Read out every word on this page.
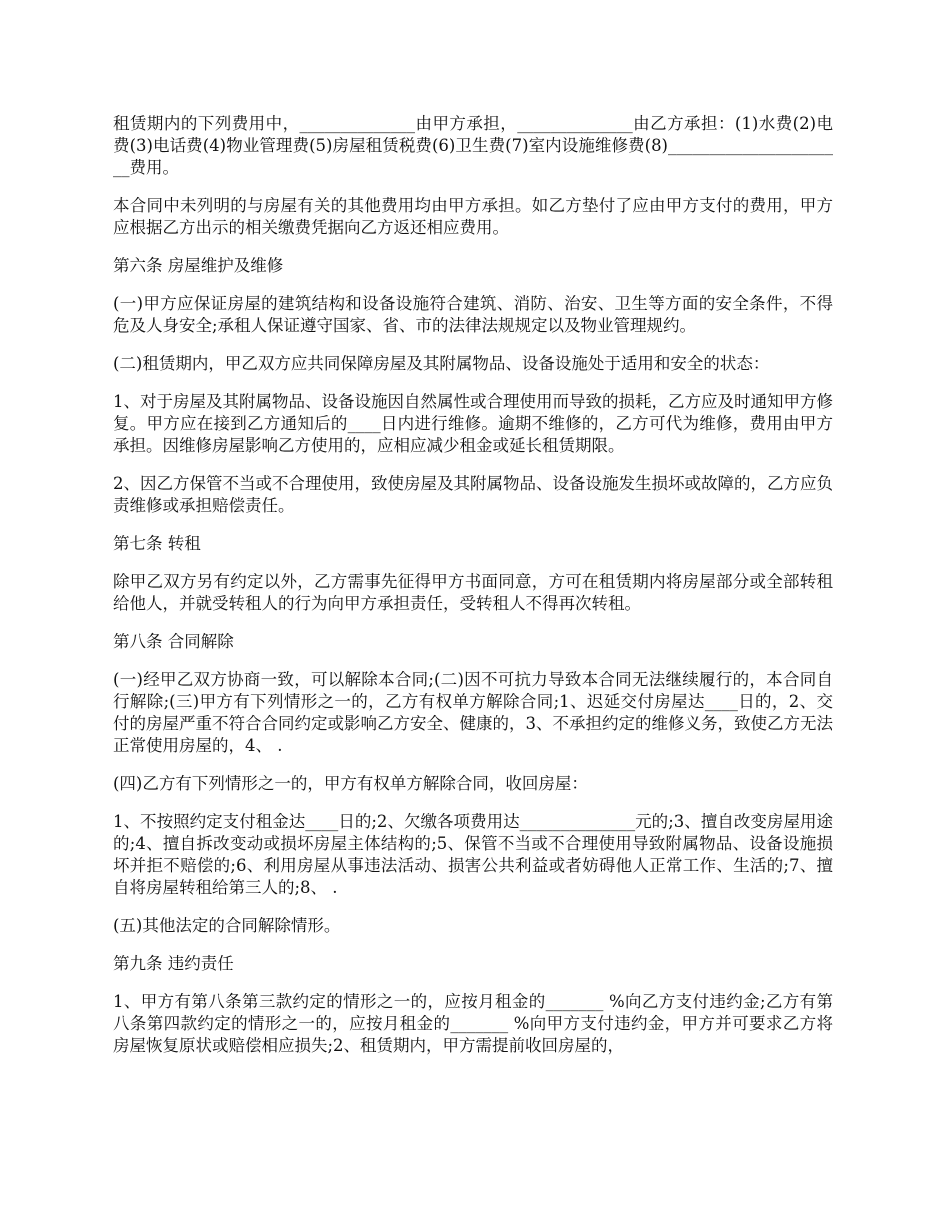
租赁期内的下列费用中，______________由甲方承担，______________由乙方承担：(1)水费(2)电费(3)电话费(4)物业管理费(5)房屋租赁税费(6)卫生费(7)室内设施维修费(8)______________________费用。

本合同中未列明的与房屋有关的其他费用均由甲方承担。如乙方垫付了应由甲方支付的费用，甲方应根据乙方出示的相关缴费凭据向乙方返还相应费用。

第六条 房屋维护及维修

(一)甲方应保证房屋的建筑结构和设备设施符合建筑、消防、治安、卫生等方面的安全条件，不得危及人身安全;承租人保证遵守国家、省、市的法律法规规定以及物业管理规约。

(二)租赁期内，甲乙双方应共同保障房屋及其附属物品、设备设施处于适用和安全的状态：

1、对于房屋及其附属物品、设备设施因自然属性或合理使用而导致的损耗，乙方应及时通知甲方修复。甲方应在接到乙方通知后的____日内进行维修。逾期不维修的，乙方可代为维修，费用由甲方承担。因维修房屋影响乙方使用的，应相应减少租金或延长租赁期限。

2、因乙方保管不当或不合理使用，致使房屋及其附属物品、设备设施发生损坏或故障的，乙方应负责维修或承担赔偿责任。

第七条 转租

除甲乙双方另有约定以外，乙方需事先征得甲方书面同意，方可在租赁期内将房屋部分或全部转租给他人，并就受转租人的行为向甲方承担责任，受转租人不得再次转租。

第八条 合同解除

(一)经甲乙双方协商一致，可以解除本合同;(二)因不可抗力导致本合同无法继续履行的，本合同自行解除;(三)甲方有下列情形之一的，乙方有权单方解除合同;1、迟延交付房屋达____日的，2、交付的房屋严重不符合合同约定或影响乙方安全、健康的，3、不承担约定的维修义务，致使乙方无法正常使用房屋的，4、 .

(四)乙方有下列情形之一的，甲方有权单方解除合同，收回房屋：

1、不按照约定支付租金达____日的;2、欠缴各项费用达______________元的;3、擅自改变房屋用途的;4、擅自拆改变动或损坏房屋主体结构的;5、保管不当或不合理使用导致附属物品、设备设施损坏并拒不赔偿的;6、利用房屋从事违法活动、损害公共利益或者妨碍他人正常工作、生活的;7、擅自将房屋转租给第三人的;8、 .

(五)其他法定的合同解除情形。

第九条 违约责任

1、甲方有第八条第三款约定的情形之一的，应按月租金的_______ %向乙方支付违约金;乙方有第八条第四款约定的情形之一的，应按月租金的_______ %向甲方支付违约金，甲方并可要求乙方将房屋恢复原状或赔偿相应损失;2、租赁期内，甲方需提前收回房屋的，
